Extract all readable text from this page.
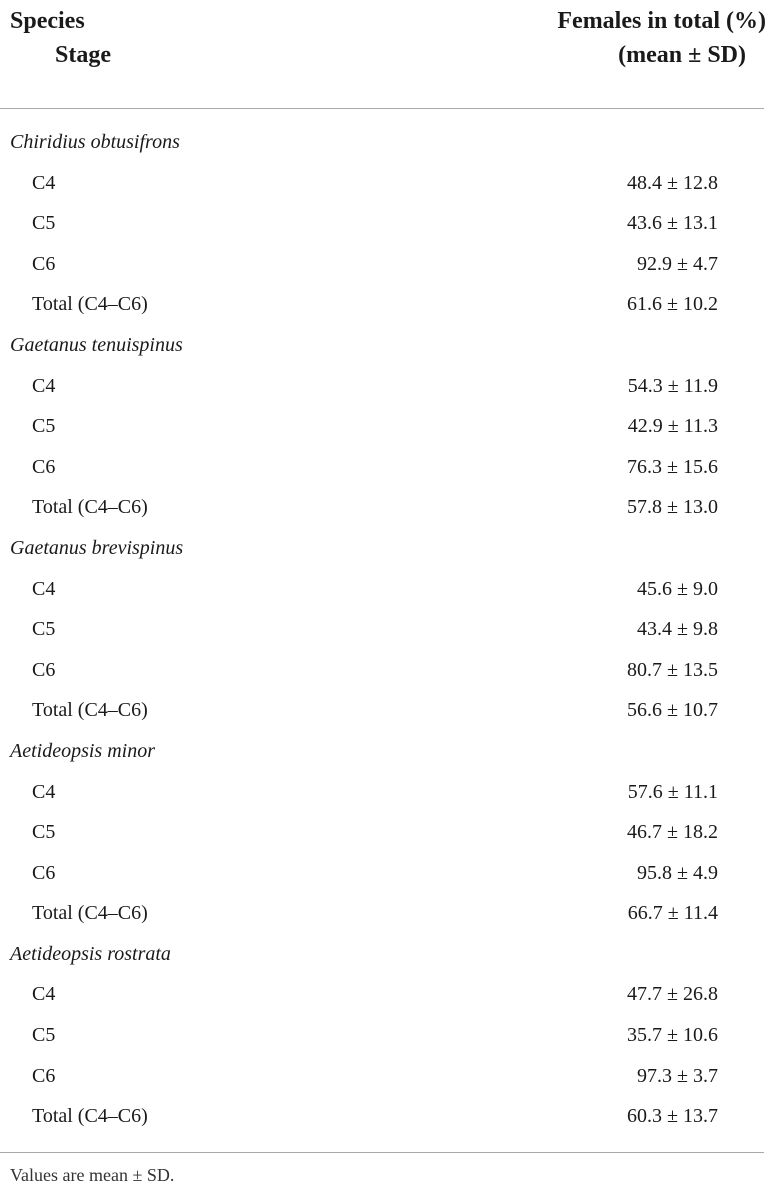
Species
Stage
Females in total (%)
(mean ± SD)
Chiridius obtusifrons
C4	48.4 ± 12.8
C5	43.6 ± 13.1
C6	92.9 ± 4.7
Total (C4–C6)	61.6 ± 10.2
Gaetanus tenuispinus
C4	54.3 ± 11.9
C5	42.9 ± 11.3
C6	76.3 ± 15.6
Total (C4–C6)	57.8 ± 13.0
Gaetanus brevispinus
C4	45.6 ± 9.0
C5	43.4 ± 9.8
C6	80.7 ± 13.5
Total (C4–C6)	56.6 ± 10.7
Aetideopsis minor
C4	57.6 ± 11.1
C5	46.7 ± 18.2
C6	95.8 ± 4.9
Total (C4–C6)	66.7 ± 11.4
Aetideopsis rostrata
C4	47.7 ± 26.8
C5	35.7 ± 10.6
C6	97.3 ± 3.7
Total (C4–C6)	60.3 ± 13.7
Values are mean ± SD.
